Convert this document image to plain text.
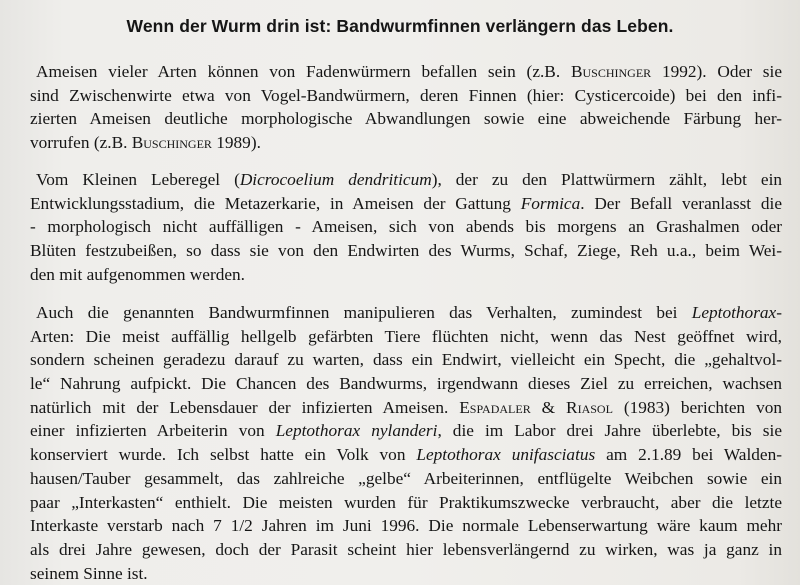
Wenn der Wurm drin ist: Bandwurmfinnen verlängern das Leben.
Ameisen vieler Arten können von Fadenwürmern befallen sein (z.B. Buschinger 1992). Oder sie
sind Zwischenwirte etwa von Vogel-Bandwürmern, deren Finnen (hier: Cysticercoide) bei den infi-
zierten Ameisen deutliche morphologische Abwandlungen sowie eine abweichende Färbung her-
vorrufen (z.B. Buschinger 1989).
Vom Kleinen Leberegel (Dicrocoelium dendriticum), der zu den Plattwürmern zählt, lebt ein
Entwicklungsstadium, die Metazerkarie, in Ameisen der Gattung Formica. Der Befall veranlasst die
- morphologisch nicht auffälligen - Ameisen, sich von abends bis morgens an Grashalmen oder
Blüten festzubeißen, so dass sie von den Endwirten des Wurms, Schaf, Ziege, Reh u.a., beim Wei-
den mit aufgenommen werden.
Auch die genannten Bandwurmfinnen manipulieren das Verhalten, zumindest bei Leptothorax-
Arten: Die meist auffällig hellgelb gefärbten Tiere flüchten nicht, wenn das Nest geöffnet wird,
sondern scheinen geradezu darauf zu warten, dass ein Endwirt, vielleicht ein Specht, die „gehaltvol-
le“ Nahrung aufpickt. Die Chancen des Bandwurms, irgendwann dieses Ziel zu erreichen, wachsen
natürlich mit der Lebensdauer der infizierten Ameisen. Espadaler & Riasol (1983) berichten von
einer infizierten Arbeiterin von Leptothorax nylanderi, die im Labor drei Jahre überlebte, bis sie
konserviert wurde. Ich selbst hatte ein Volk von Leptothorax unifasciatus am 2.1.89 bei Walden-
hausen/Tauber gesammelt, das zahlreiche „gelbe“ Arbeiterinnen, entflügelte Weibchen sowie ein
paar „Interkasten“ enthielt. Die meisten wurden für Praktikumszwecke verbraucht, aber die letzte
Interkaste verstarb nach 7 1/2 Jahren im Juni 1996. Die normale Lebenserwartung wäre kaum mehr
als drei Jahre gewesen, doch der Parasit scheint hier lebensverlängernd zu wirken, was ja ganz in
seinem Sinne ist.
